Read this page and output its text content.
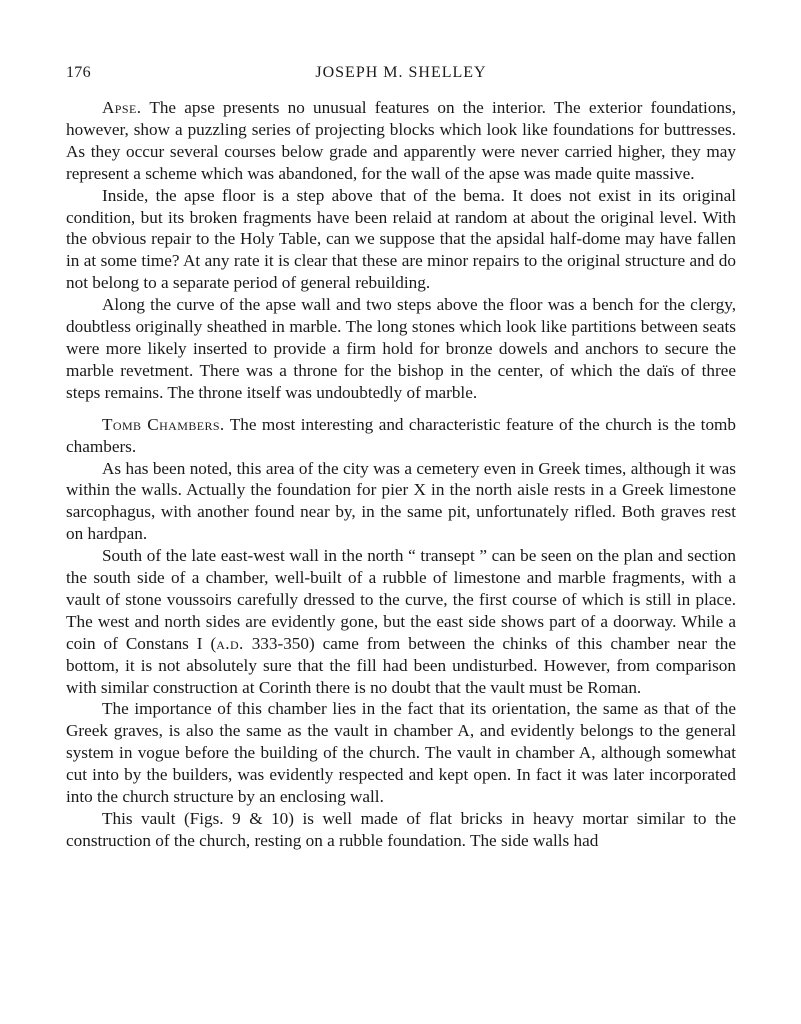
176	JOSEPH M. SHELLEY

Apse. The apse presents no unusual features on the interior. The exterior foundations, however, show a puzzling series of projecting blocks which look like foundations for buttresses. As they occur several courses below grade and apparently were never carried higher, they may represent a scheme which was abandoned, for the wall of the apse was made quite massive.

Inside, the apse floor is a step above that of the bema. It does not exist in its original condition, but its broken fragments have been relaid at random at about the original level. With the obvious repair to the Holy Table, can we suppose that the apsidal half-dome may have fallen in at some time? At any rate it is clear that these are minor repairs to the original structure and do not belong to a separate period of general rebuilding.

Along the curve of the apse wall and two steps above the floor was a bench for the clergy, doubtless originally sheathed in marble. The long stones which look like partitions between seats were more likely inserted to provide a firm hold for bronze dowels and anchors to secure the marble revetment. There was a throne for the bishop in the center, of which the daïs of three steps remains. The throne itself was undoubtedly of marble.

Tomb Chambers. The most interesting and characteristic feature of the church is the tomb chambers.

As has been noted, this area of the city was a cemetery even in Greek times, although it was within the walls. Actually the foundation for pier X in the north aisle rests in a Greek limestone sarcophagus, with another found near by, in the same pit, unfortunately rifled. Both graves rest on hardpan.

South of the late east-west wall in the north “ transept ” can be seen on the plan and section the south side of a chamber, well-built of a rubble of limestone and marble fragments, with a vault of stone voussoirs carefully dressed to the curve, the first course of which is still in place. The west and north sides are evidently gone, but the east side shows part of a doorway. While a coin of Constans I (a.d. 333-350) came from between the chinks of this chamber near the bottom, it is not absolutely sure that the fill had been undisturbed. However, from comparison with similar construction at Corinth there is no doubt that the vault must be Roman.

The importance of this chamber lies in the fact that its orientation, the same as that of the Greek graves, is also the same as the vault in chamber A, and evidently belongs to the general system in vogue before the building of the church. The vault in chamber A, although somewhat cut into by the builders, was evidently respected and kept open. In fact it was later incorporated into the church structure by an enclosing wall.

This vault (Figs. 9 & 10) is well made of flat bricks in heavy mortar similar to the construction of the church, resting on a rubble foundation. The side walls had
